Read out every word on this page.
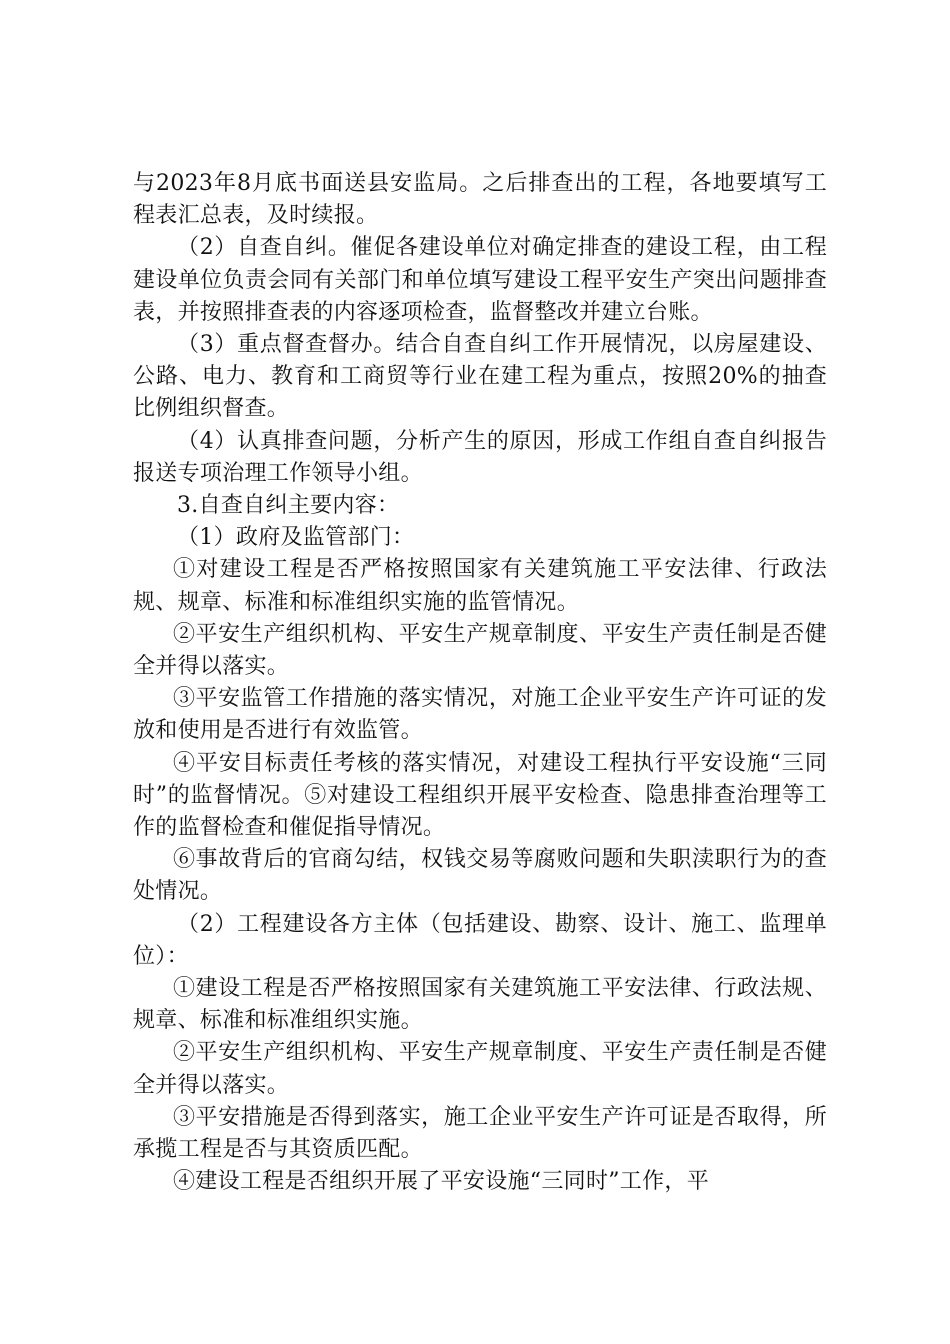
与2023年8月底书面送县安监局。之后排查出的工程，各地要填写工程表汇总表，及时续报。

（2）自查自纠。催促各建设单位对确定排查的建设工程，由工程建设单位负责会同有关部门和单位填写建设工程平安生产突出问题排查表，并按照排查表的内容逐项检查，监督整改并建立台账。

（3）重点督查督办。结合自查自纠工作开展情况，以房屋建设、公路、电力、教育和工商贸等行业在建工程为重点，按照20%的抽查比例组织督查。

（4）认真排查问题，分析产生的原因，形成工作组自查自纠报告报送专项治理工作领导小组。

3.自查自纠主要内容：

（1）政府及监管部门：

①对建设工程是否严格按照国家有关建筑施工平安法律、行政法规、规章、标准和标准组织实施的监管情况。

②平安生产组织机构、平安生产规章制度、平安生产责任制是否健全并得以落实。

③平安监管工作措施的落实情况，对施工企业平安生产许可证的发放和使用是否进行有效监管。

④平安目标责任考核的落实情况，对建设工程执行平安设施“三同时”的监督情况。⑤对建设工程组织开展平安检查、隐患排查治理等工作的监督检查和催促指导情况。

⑥事故背后的官商勾结，权钱交易等腐败问题和失职渎职行为的查处情况。

（2）工程建设各方主体（包括建设、勘察、设计、施工、监理单位）：

①建设工程是否严格按照国家有关建筑施工平安法律、行政法规、规章、标准和标准组织实施。

②平安生产组织机构、平安生产规章制度、平安生产责任制是否健全并得以落实。

③平安措施是否得到落实，施工企业平安生产许可证是否取得，所承揽工程是否与其资质匹配。

④建设工程是否组织开展了平安设施“三同时”工作，平
